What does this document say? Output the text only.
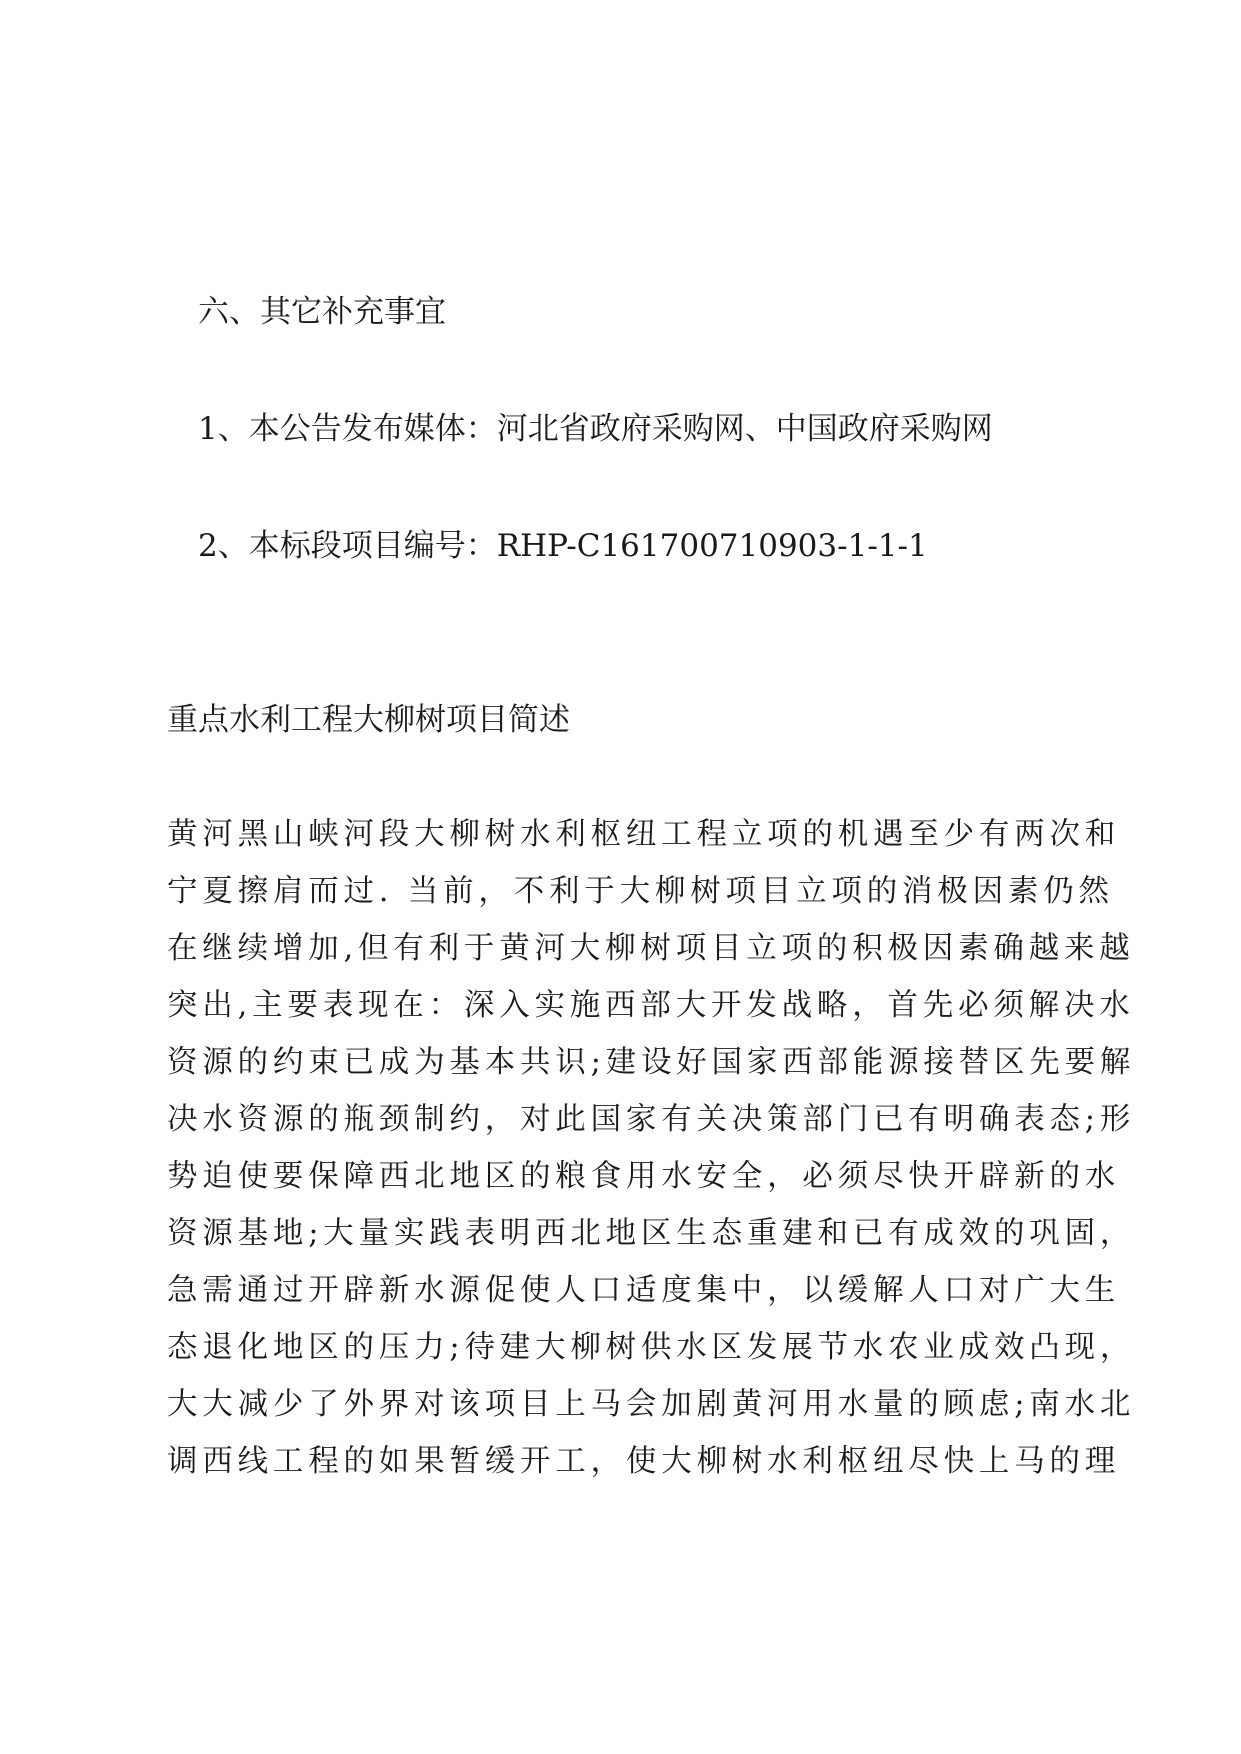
六、其它补充事宜
1、本公告发布媒体：河北省政府采购网、中国政府采购网
2、本标段项目编号：RHP-C161700710903-1-1-1
重点水利工程大柳树项目简述
黄河黑山峡河段大柳树水利枢纽工程立项的机遇至少有两次和
宁夏擦肩而过. 当前，不利于大柳树项目立项的消极因素仍然
在继续增加,但有利于黄河大柳树项目立项的积极因素确越来越
突出,主要表现在：深入实施西部大开发战略，首先必须解决水
资源的约束已成为基本共识;建设好国家西部能源接替区先要解
决水资源的瓶颈制约，对此国家有关决策部门已有明确表态;形
势迫使要保障西北地区的粮食用水安全，必须尽快开辟新的水
资源基地;大量实践表明西北地区生态重建和已有成效的巩固，
急需通过开辟新水源促使人口适度集中，以缓解人口对广大生
态退化地区的压力;待建大柳树供水区发展节水农业成效凸现，
大大减少了外界对该项目上马会加剧黄河用水量的顾虑;南水北
调西线工程的如果暂缓开工，使大柳树水利枢纽尽快上马的理
